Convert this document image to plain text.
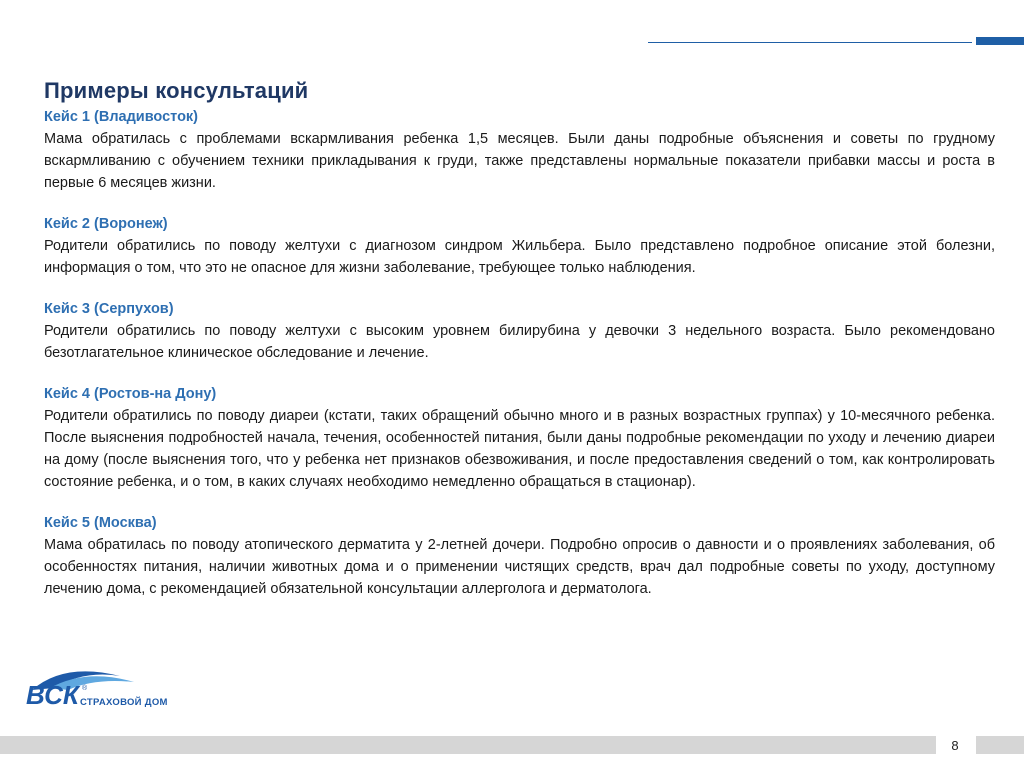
Примеры консультаций
Кейс 1 (Владивосток)

Мама обратилась с проблемами вскармливания ребенка 1,5 месяцев. Были даны подробные объяснения и советы по грудному вскармливанию с обучением техники прикладывания к груди, также представлены нормальные показатели прибавки массы и роста в первые 6 месяцев жизни.

Кейс 2 (Воронеж)

Родители обратились по поводу желтухи с диагнозом синдром Жильбера. Было представлено подробное описание этой болезни, информация о том, что это не опасное для жизни заболевание, требующее только наблюдения.

Кейс 3 (Серпухов)

Родители обратились по поводу желтухи с высоким уровнем билирубина у девочки 3 недельного возраста. Было рекомендовано безотлагательное клиническое обследование и лечение.

Кейс 4 (Ростов-на Дону)

Родители обратились по поводу диареи (кстати, таких обращений обычно много и в разных возрастных группах) у 10-месячного ребенка. После выяснения подробностей начала, течения, особенностей питания, были даны подробные рекомендации по уходу и лечению диареи на дому (после выяснения того, что у ребенка нет признаков обезвоживания, и после предоставления сведений о том, как контролировать состояние ребенка, и о том, в каких случаях необходимо немедленно обращаться в стационар).

Кейс 5 (Москва)

Мама обратилась по поводу атопического дерматита у 2-летней дочери. Подробно опросив о давности и о проявлениях заболевания, об особенностях питания, наличии животных дома и о применении чистящих средств, врач дал подробные советы по уходу, доступному лечению дома, с рекомендацией обязательной консультации аллерголога и дерматолога.

ВСК ®
СТРАХОВОЙ ДОМ
8
